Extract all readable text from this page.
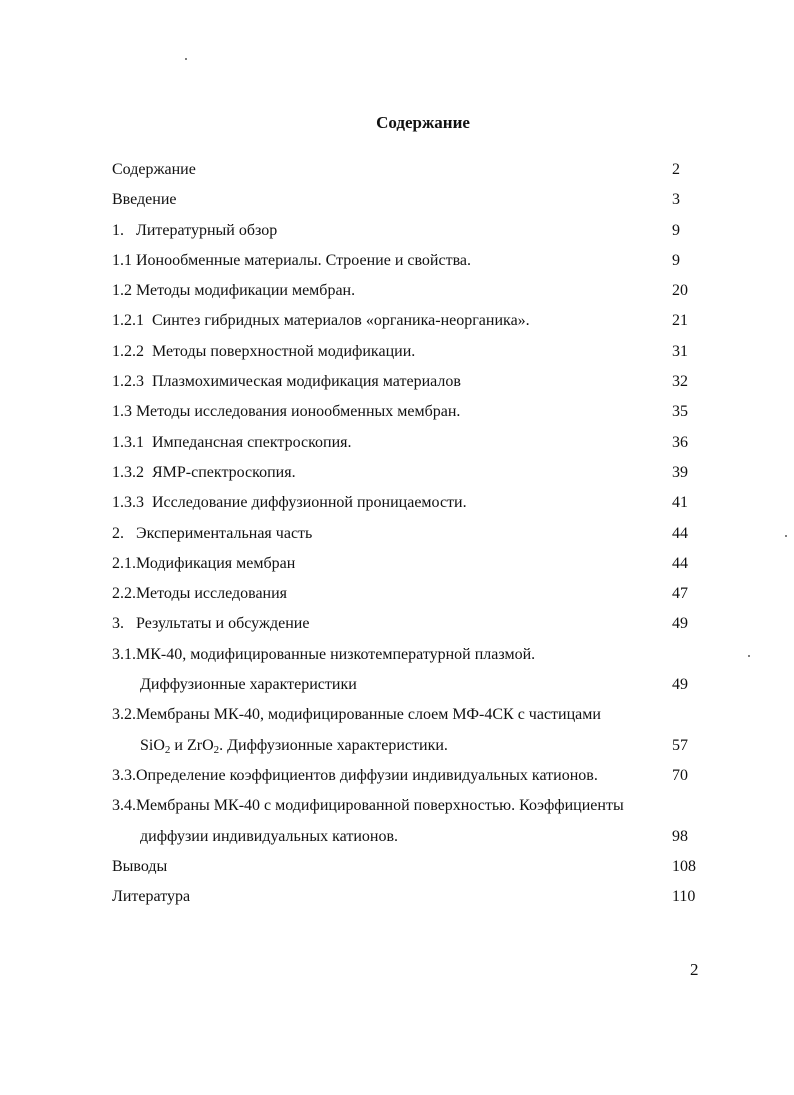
Содержание
Содержание	2
Введение	3
1.   Литературный обзор	9
1.1 Ионообменные материалы. Строение и свойства.	9
1.2 Методы модификации мембран.	20
1.2.1  Синтез гибридных материалов «органика-неорганика».	21
1.2.2  Методы поверхностной модификации.	31
1.2.3  Плазмохимическая модификация материалов	32
1.3 Методы исследования ионообменных мембран.	35
1.3.1  Импедансная спектроскопия.	36
1.3.2  ЯМР-спектроскопия.	39
1.3.3  Исследование диффузионной проницаемости.	41
2.   Экспериментальная часть	44
2.1.Модификация мембран	44
2.2.Методы исследования	47
3.   Результаты и обсуждение	49
3.1.МК-40, модифицированные низкотемпературной плазмой.
Диффузионные характеристики	49
3.2.Мембраны МК-40, модифицированные слоем МФ-4СК с частицами
SiO$_2$ и ZrO$_2$. Диффузионные характеристики.	57
3.3.Определение коэффициентов диффузии индивидуальных катионов.	70
3.4.Мембраны МК-40 с модифицированной поверхностью. Коэффициенты
диффузии индивидуальных катионов.	98
Выводы	108
Литература	110
2
